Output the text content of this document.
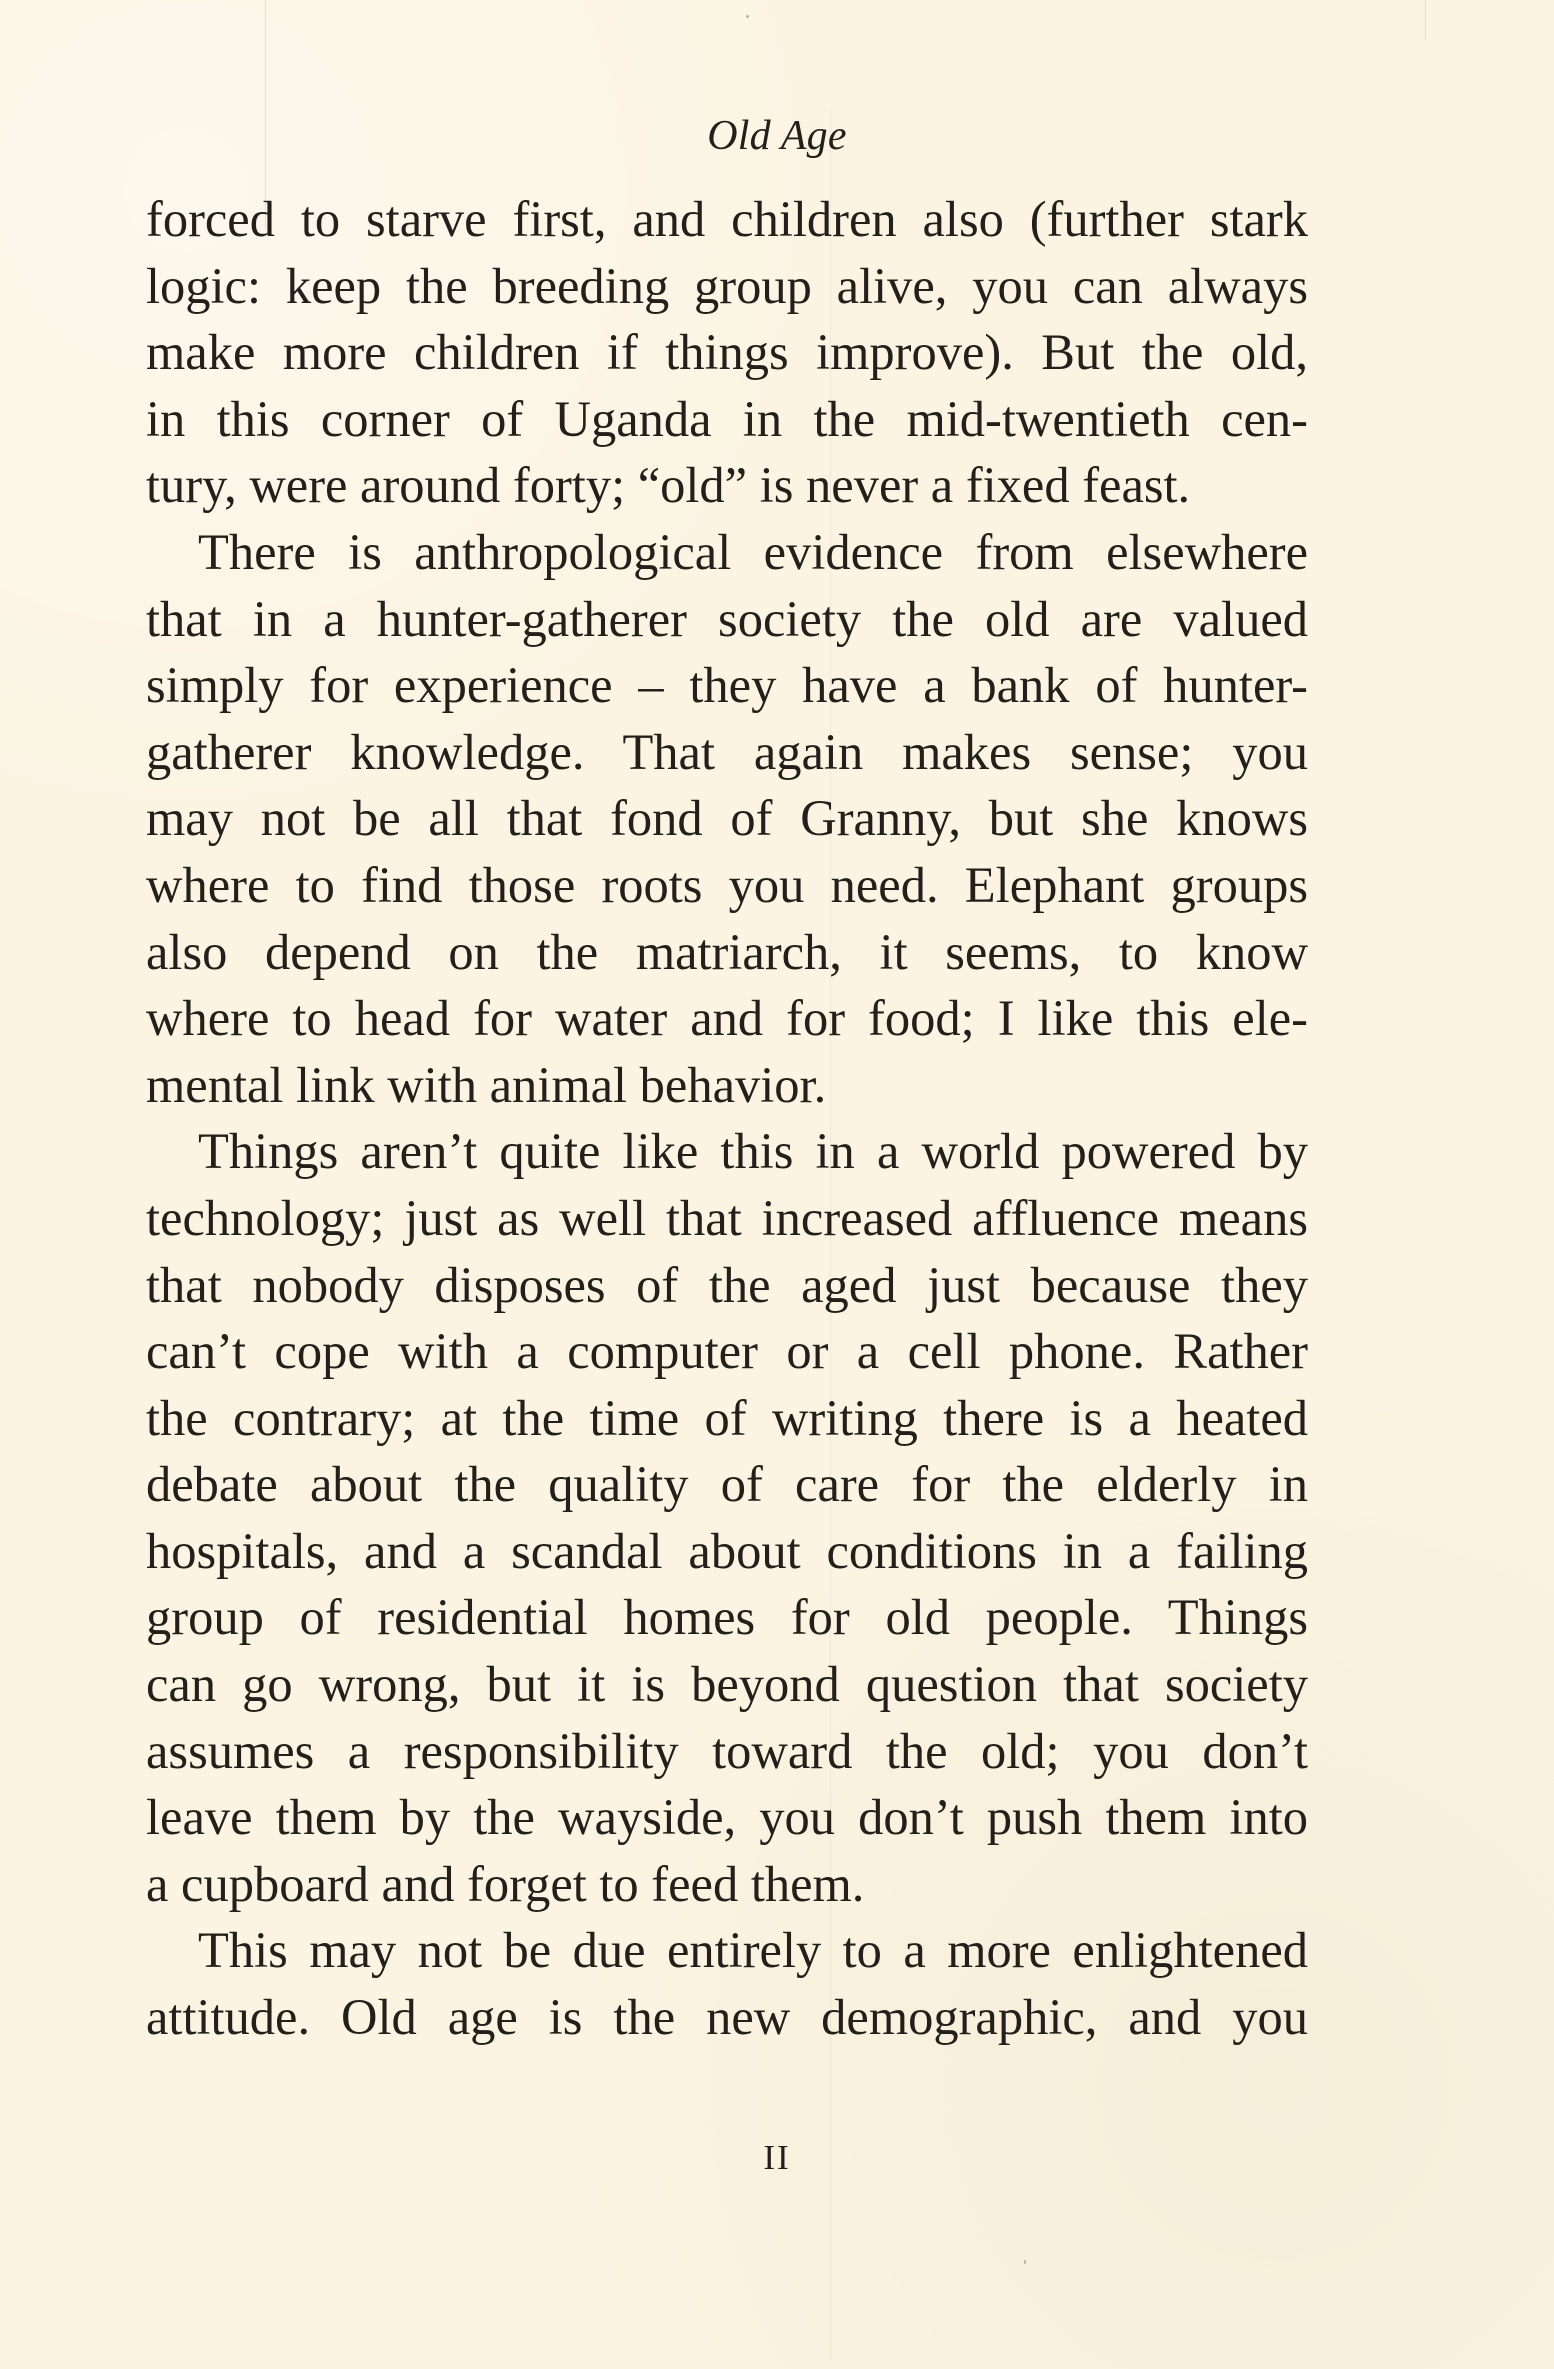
Old Age
forced to starve first, and children also (further stark
logic: keep the breeding group alive, you can always
make more children if things improve). But the old,
in this corner of Uganda in the mid-twentieth cen-
tury, were around forty; “old” is never a fixed feast.
There is anthropological evidence from elsewhere
that in a hunter-gatherer society the old are valued
simply for experience – they have a bank of hunter-
gatherer knowledge. That again makes sense; you
may not be all that fond of Granny, but she knows
where to find those roots you need. Elephant groups
also depend on the matriarch, it seems, to know
where to head for water and for food; I like this ele-
mental link with animal behavior.
Things aren’t quite like this in a world powered by
technology; just as well that increased affluence means
that nobody disposes of the aged just because they
can’t cope with a computer or a cell phone. Rather
the contrary; at the time of writing there is a heated
debate about the quality of care for the elderly in
hospitals, and a scandal about conditions in a failing
group of residential homes for old people. Things
can go wrong, but it is beyond question that society
assumes a responsibility toward the old; you don’t
leave them by the wayside, you don’t push them into
a cupboard and forget to feed them.
This may not be due entirely to a more enlightened
attitude. Old age is the new demographic, and you
II
